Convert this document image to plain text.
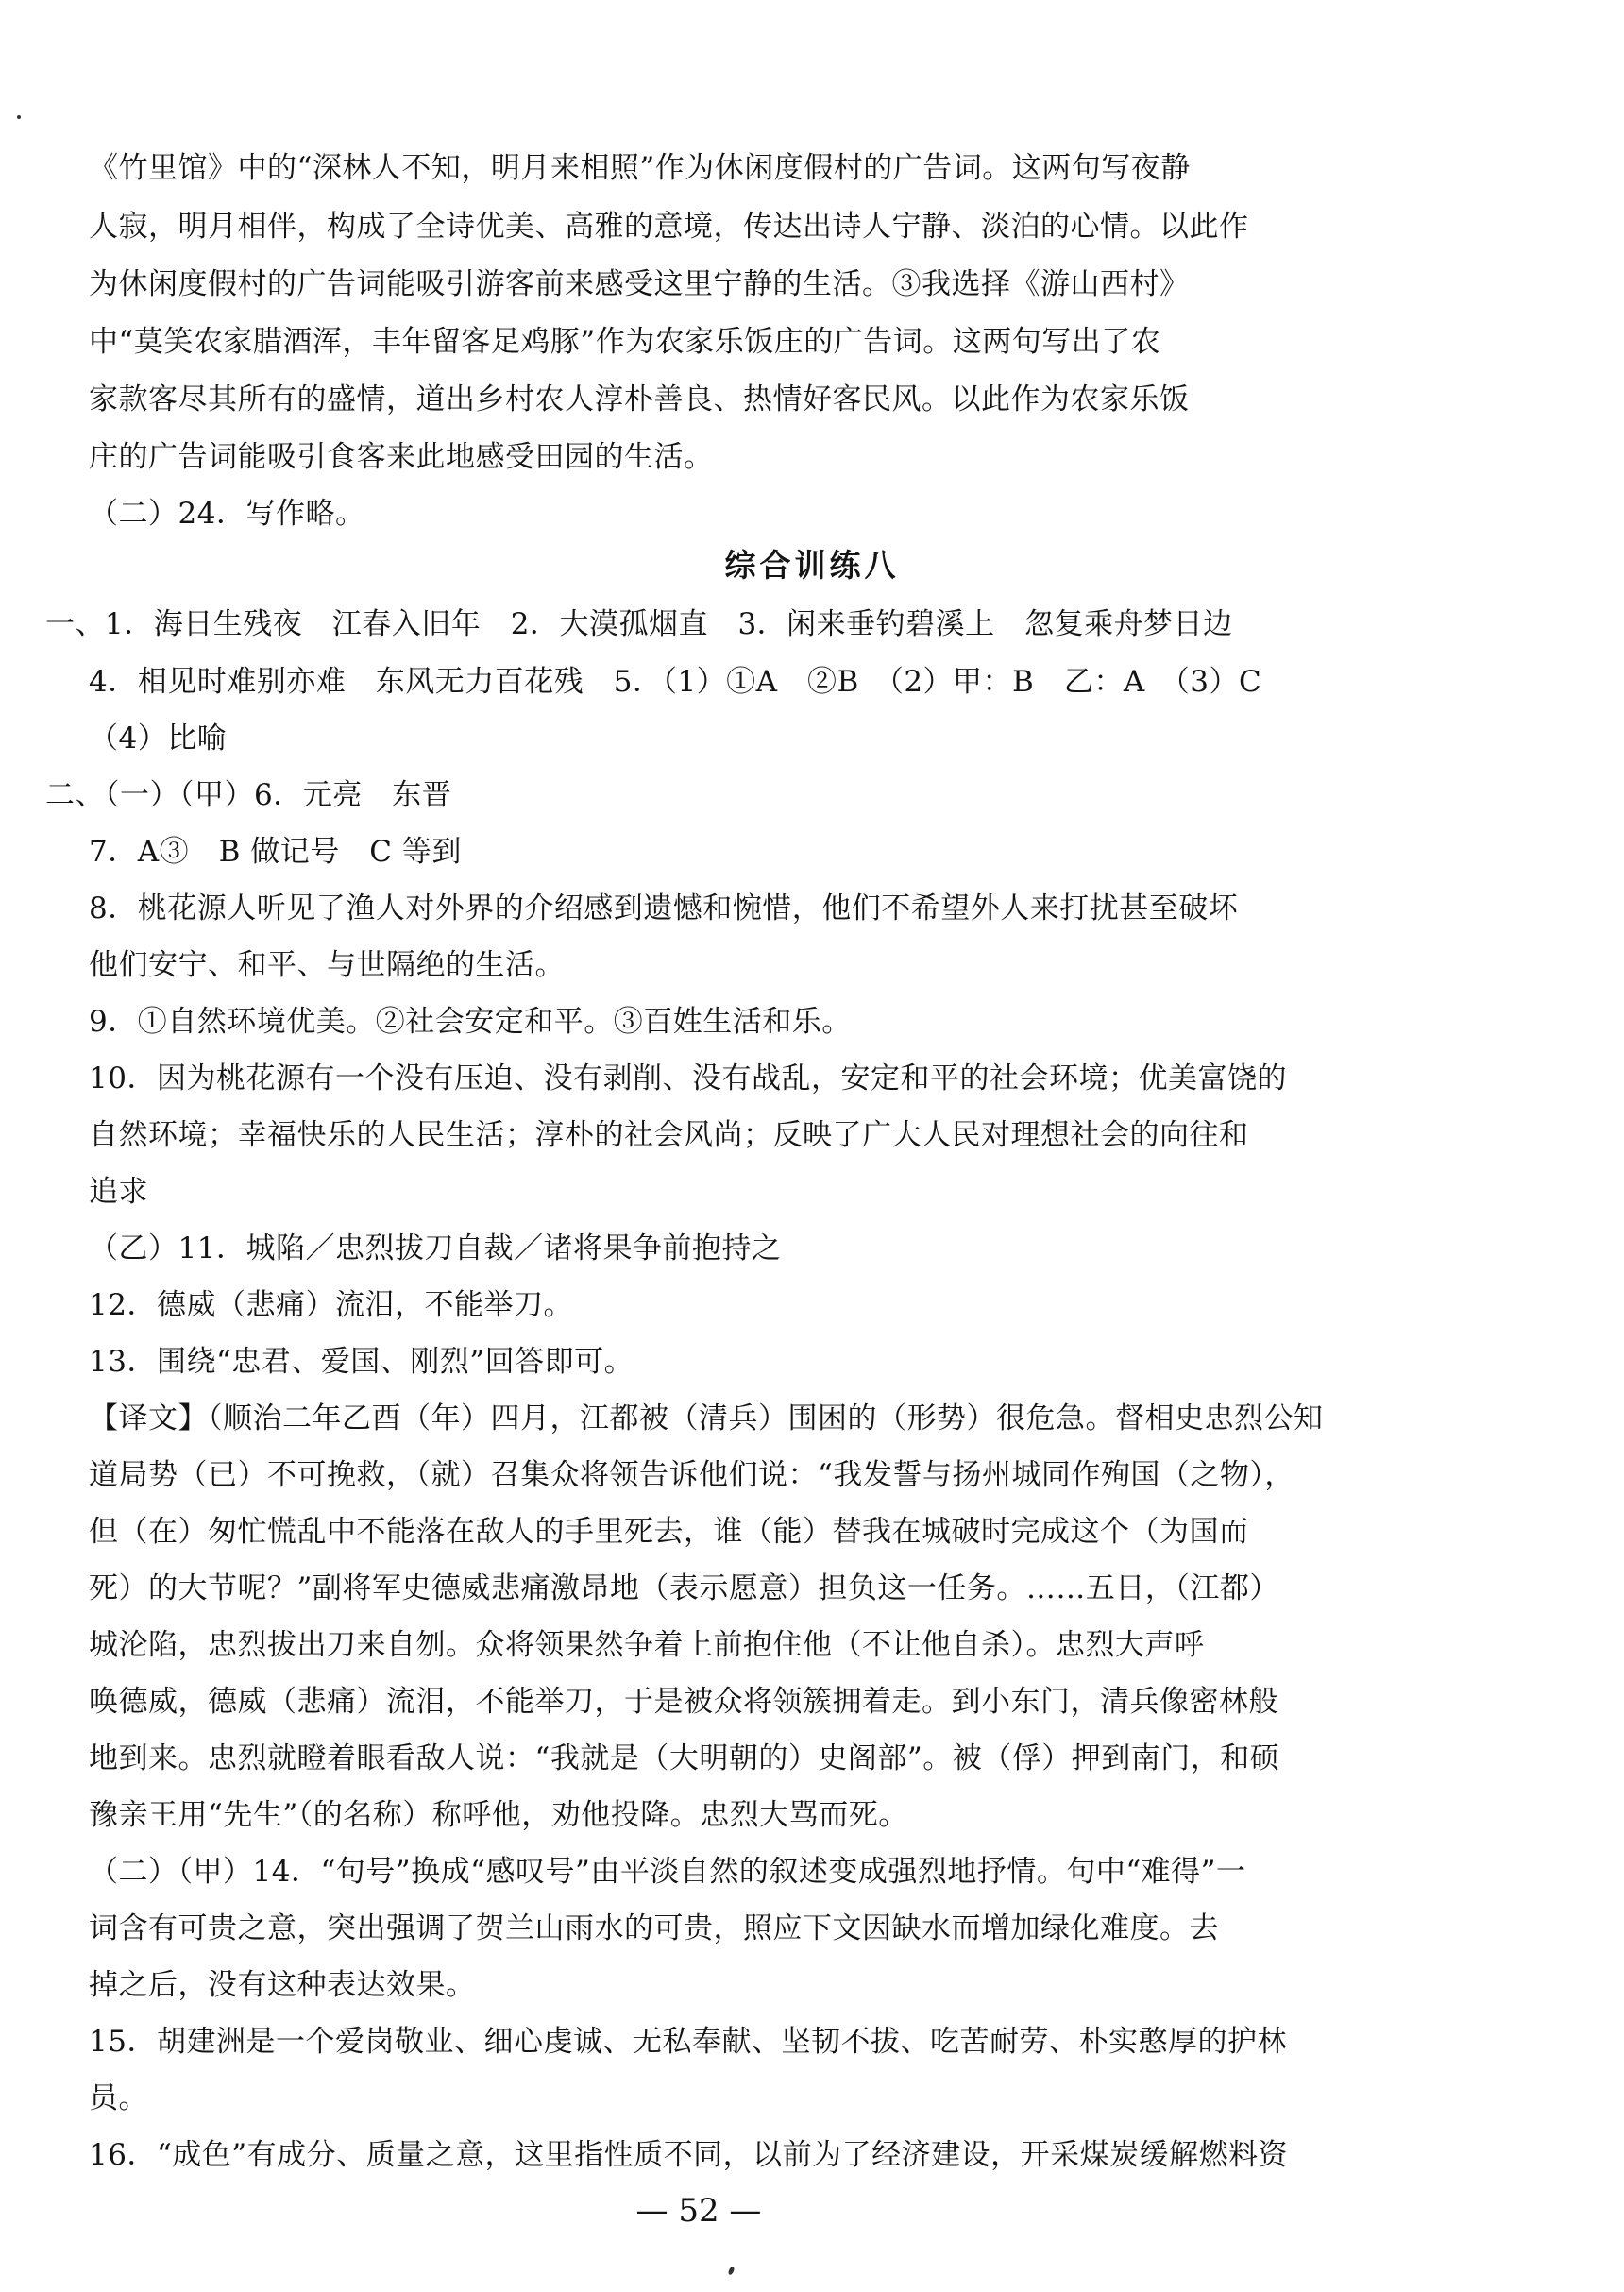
《竹里馆》中的“深林人不知，明月来相照”作为休闲度假村的广告词。这两句写夜静
人寂，明月相伴，构成了全诗优美、高雅的意境，传达出诗人宁静、淡泊的心情。以此作
为休闲度假村的广告词能吸引游客前来感受这里宁静的生活。③我选择《游山西村》
中“莫笑农家腊酒浑，丰年留客足鸡豚”作为农家乐饭庄的广告词。这两句写出了农
家款客尽其所有的盛情，道出乡村农人淳朴善良、热情好客民风。以此作为农家乐饭
庄的广告词能吸引食客来此地感受田园的生活。
（二）24．写作略。
综合训练八
一、1．海日生残夜　江春入旧年　2．大漠孤烟直　3．闲来垂钓碧溪上　忽复乘舟梦日边
4．相见时难别亦难　东风无力百花残　5．（1）①A　②B　（2）甲：B　乙：A　（3）C
（4）比喻
二、（一）（甲）6．元亮　东晋
7．A③　B 做记号　C 等到
8．桃花源人听见了渔人对外界的介绍感到遗憾和惋惜，他们不希望外人来打扰甚至破坏
他们安宁、和平、与世隔绝的生活。
9．①自然环境优美。②社会安定和平。③百姓生活和乐。
10．因为桃花源有一个没有压迫、没有剥削、没有战乱，安定和平的社会环境；优美富饶的
自然环境；幸福快乐的人民生活；淳朴的社会风尚；反映了广大人民对理想社会的向往和
追求
（乙）11．城陷／忠烈拔刀自裁／诸将果争前抱持之
12．德威（悲痛）流泪，不能举刀。
13．围绕“忠君、爱国、刚烈”回答即可。
【译文】（顺治二年乙酉（年）四月，江都被（清兵）围困的（形势）很危急。督相史忠烈公知
道局势（已）不可挽救，（就）召集众将领告诉他们说：“我发誓与扬州城同作殉国（之物），
但（在）匆忙慌乱中不能落在敌人的手里死去，谁（能）替我在城破时完成这个（为国而
死）的大节呢？”副将军史德威悲痛激昂地（表示愿意）担负这一任务。……五日，（江都）
城沦陷，忠烈拔出刀来自刎。众将领果然争着上前抱住他（不让他自杀）。忠烈大声呼
唤德威，德威（悲痛）流泪，不能举刀，于是被众将领簇拥着走。到小东门，清兵像密林般
地到来。忠烈就瞪着眼看敌人说：“我就是（大明朝的）史阁部”。被（俘）押到南门，和硕
豫亲王用“先生”（的名称）称呼他，劝他投降。忠烈大骂而死。
（二）（甲）14．“句号”换成“感叹号”由平淡自然的叙述变成强烈地抒情。句中“难得”一
词含有可贵之意，突出强调了贺兰山雨水的可贵，照应下文因缺水而增加绿化难度。去
掉之后，没有这种表达效果。
15．胡建洲是一个爱岗敬业、细心虔诚、无私奉献、坚韧不拔、吃苦耐劳、朴实憨厚的护林
员。
16．“成色”有成分、质量之意，这里指性质不同，以前为了经济建设，开采煤炭缓解燃料资
— 52 —
